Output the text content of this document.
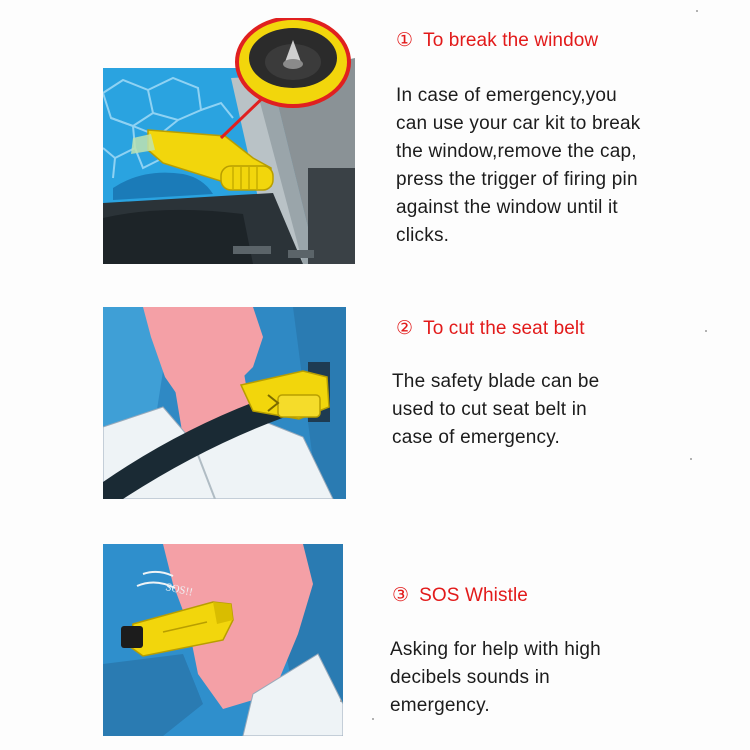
① To break the window
In case of emergency,you
can use your car kit to break
the window,remove the cap,
press the trigger of firing pin
against the window until it
clicks.
② To cut the seat belt
The safety blade can be
used to cut seat belt in
case of emergency.
SOS!!	③ SOS Whistle
Asking for help with high
decibels sounds in
emergency.
